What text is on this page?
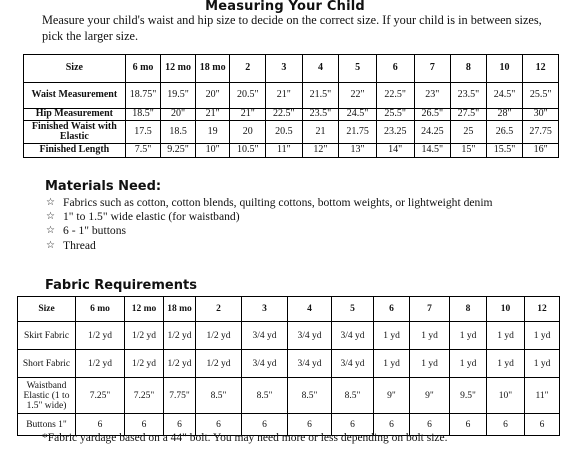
Measuring Your Child
Measure your child's waist and hip size to decide on the correct size. If your child is in between sizes, pick the larger size.
Size	6 mo	12 mo	18 mo	2	3	4	5	6	7	8	10	12
Waist Measurement	18.75"	19.5"	20"	20.5"	21"	21.5"	22"	22.5"	23"	23.5"	24.5"	25.5"
Hip Measurement	18.5"	20"	21"	21"	22.5"	23.5"	24.5"	25.5"	26.5"	27.5"	28"	30"
Finished Waist with Elastic	17.5	18.5	19	20	20.5	21	21.75	23.25	24.25	25	26.5	27.75
Finished Length	7.5"	9.25"	10"	10.5"	11"	12"	13"	14"	14.5"	15"	15.5"	16"
Materials Need:
☆ Fabrics such as cotton, cotton blends, quilting cottons, bottom weights, or lightweight denim
☆ 1" to 1.5" wide elastic (for waistband)
☆ 6 - 1" buttons
☆ Thread
Fabric Requirements
Size	6 mo	12 mo	18 mo	2	3	4	5	6	7	8	10	12
Skirt Fabric	1/2 yd	1/2 yd	1/2 yd	1/2 yd	3/4 yd	3/4 yd	3/4 yd	1 yd	1 yd	1 yd	1 yd	1 yd
Short Fabric	1/2 yd	1/2 yd	1/2 yd	1/2 yd	3/4 yd	3/4 yd	3/4 yd	1 yd	1 yd	1 yd	1 yd	1 yd
Waistband Elastic (1 to 1.5" wide)	7.25"	7.25"	7.75"	8.5"	8.5"	8.5"	8.5"	9"	9"	9.5"	10"	11"
Buttons 1"	6	6	6	6	6	6	6	6	6	6	6	6
*Fabric yardage based on a 44" bolt. You may need more or less depending on bolt size.
